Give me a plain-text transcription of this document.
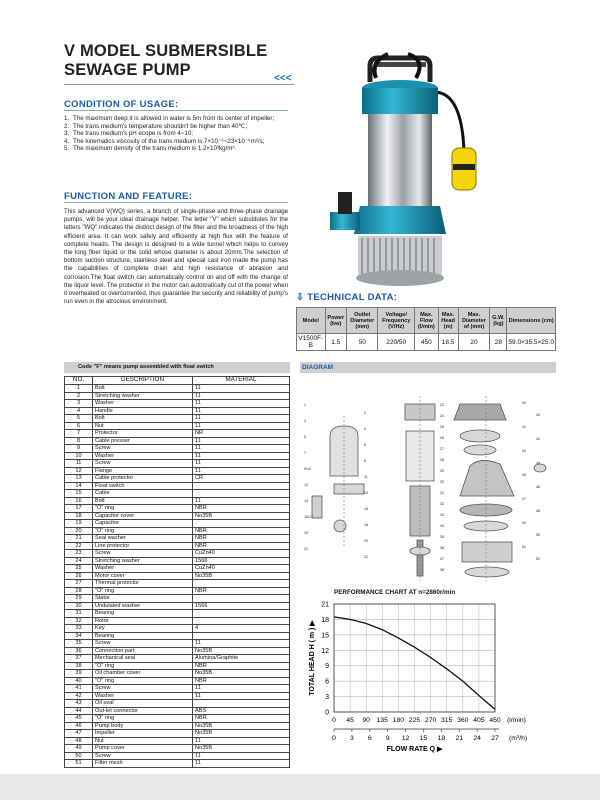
V MODEL SUBMERSIBLE
SEWAGE PUMP	<<<
CONDITION OF USAGE:
1. The maximum deep it is allowed in water is 5m from its center of impeller;
2. The trans medium's temperature shouldn't be higher than 40℃;
3. The trans medium's pH ecope is from 4~10;
4. The kinematics viscosity of the trans medium is 7×10⁻⁶~23×10⁻⁶m²/s;
5. The maximum density of the trans medium is 1.2×10³kg/m³.
FUNCTION AND FEATURE:
This advanced V(WQ) series, a branch of single-phase and three-phase drainage pumps, will be your ideal drainage helper. The letter "V" which substitutes for the letters "WQ" indicates the distinct design of the filter and the broadness of the high efficient area. It can work safely and efficiently at high flux with the feature of complete heads. The design is designed to a wide tunnel which helps to convey the long fiber liquid or the solid whose diameter is about 20mm.The selection of bottom suction structure, stainless steel and special cast iron made the pump has the capabilities of complete drain and high resistance of abrasion and corrosion.The float switch can automatically control on and off with the change of the liquor level. The protector in the motor can automatically cut of the power when it overheated or overcurrented, thus guarantee the security and reliability of pump's run even in the atrocious environment.	⇩ TECHNICAL DATA:
Model	Power (kw)	Outlet Diameter (mm)	Voltage/ Frequency (V/Hz)	Max. Flow (l/min)	Max. Head (m)	Max. Diameter of (mm)	G.W. (kg)	Dimensions (cm)
V1500F-B	1.5	50	220/50	450	18.5	20	28	59.0×35.5×25.0
Code "F" means pump assembled with float switch
NO.	DESCRIPTION	MATERIAL
1	Bolt	11
2	Stretching washer	11
3	Washer	11
4	Handle	11
5	Bolt	11
6	Nut	11
7	Protector	NR
8	Cable presser	11
9	Screw	11
10	Washer	11
11	Screw	11
12	Flange	11
13	Cable protector	CR
14	Float switch	
15	Cable	
16	Bolt	11
17	"O" ring	NBR
18	Capacitor cover	No35B
19	Capacitor	
20	"O" ring	NBR
21	Seal washer	NBR
22	Line protector	NBR
23	Screw	CuZn40
24	Stretching washer	1566
25	Washer	CuZn40
26	Motor cover	No35B
27	Thermal protector	
28	"O" ring	NBR
29	Stator	
30	Undulated washer	1566
31	Bearing	
32	Rotor	
33	Key	4
34	Bearing	
35	Screw	11
36	Connection part	No35B
37	Mechanical seal	Alumina/Graphite
38	"O" ring	NBR
39	Oil chamber cover	No35B
40	"O" ring	NBR
41	Screw	11
42	Washer	11
43	Oil seal	
44	Out-let connector	ABS
45	"O" ring	NBR
46	Pump body	No35B
47	Impeller	No35B
48	Nut	11
49	Pump cover	No35B
50	Screw	11
51	Filter mesh	11
DIAGRAM
1
2
3
4
5
6
7
8
9/10
11
12
13
14
15
16/17
18
19
20
21
22
23
24
25
26
27
28
29
30
31
32
33
34
35
36
37
38
39
40
41
42
43
44
45
46
47
48
49
50
51
52
PERFORMANCE CHART AT n=2860r/min
0
3
6
9
12
15
18
21
0 45 90 135 180 225 270 315 360 405 450 (l/min)
0 3 6 9 12 15 18 21 24 27 (m³/h)
TOTAL HEAD H ( m ) ▶
FLOW RATE Q ▶
